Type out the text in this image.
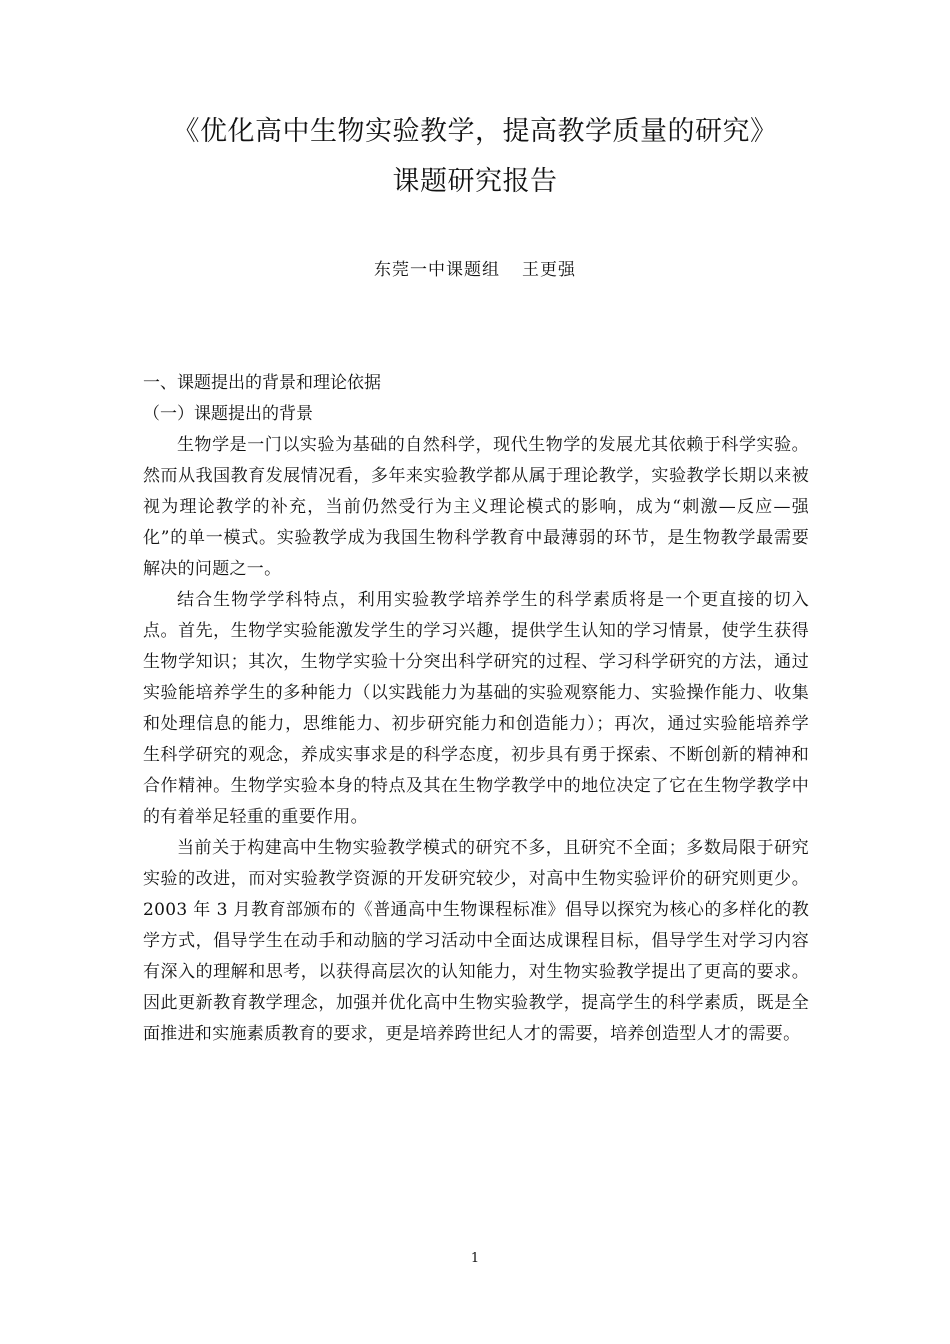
《优化高中生物实验教学，提高教学质量的研究》
课题研究报告
东莞一中课题组 王更强

一、课题提出的背景和理论依据

（一）课题提出的背景

生物学是一门以实验为基础的自然科学，现代生物学的发展尤其依赖于科学实验。然而从我国教育发展情况看，多年来实验教学都从属于理论教学，实验教学长期以来被视为理论教学的补充，当前仍然受行为主义理论模式的影响，成为“刺激—反应—强化”的单一模式。实验教学成为我国生物科学教育中最薄弱的环节，是生物教学最需要解决的问题之一。

结合生物学学科特点，利用实验教学培养学生的科学素质将是一个更直接的切入点。首先，生物学实验能激发学生的学习兴趣，提供学生认知的学习情景，使学生获得生物学知识；其次，生物学实验十分突出科学研究的过程、学习科学研究的方法，通过实验能培养学生的多种能力（以实践能力为基础的实验观察能力、实验操作能力、收集和处理信息的能力，思维能力、初步研究能力和创造能力）；再次，通过实验能培养学生科学研究的观念，养成实事求是的科学态度，初步具有勇于探索、不断创新的精神和合作精神。生物学实验本身的特点及其在生物学教学中的地位决定了它在生物学教学中的有着举足轻重的重要作用。

当前关于构建高中生物实验教学模式的研究不多，且研究不全面；多数局限于研究实验的改进，而对实验教学资源的开发研究较少，对高中生物实验评价的研究则更少。2003 年 3 月教育部颁布的《普通高中生物课程标准》倡导以探究为核心的多样化的教学方式，倡导学生在动手和动脑的学习活动中全面达成课程目标，倡导学生对学习内容有深入的理解和思考，以获得高层次的认知能力，对生物实验教学提出了更高的要求。因此更新教育教学理念，加强并优化高中生物实验教学，提高学生的科学素质，既是全面推进和实施素质教育的要求，更是培养跨世纪人才的需要，培养创造型人才的需要。

1
